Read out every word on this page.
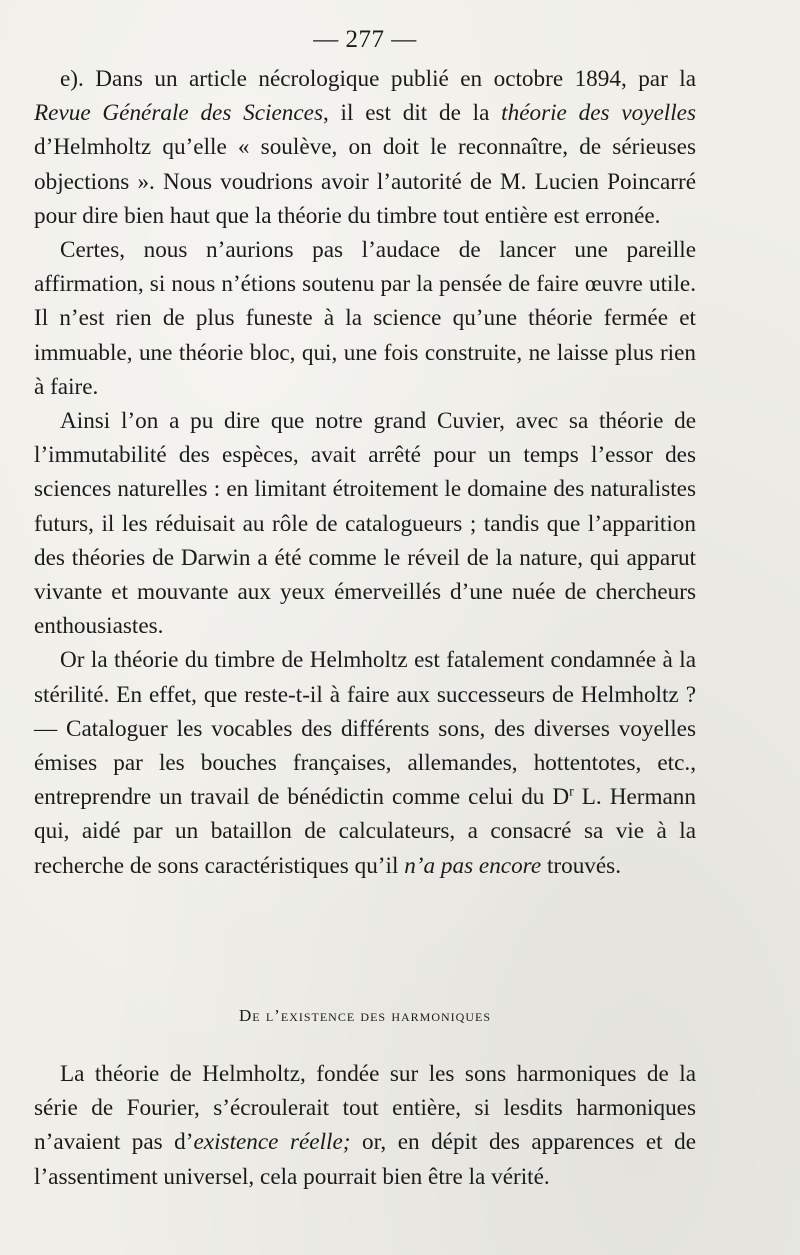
— 277 —

e). Dans un article nécrologique publié en octobre 1894, par la Revue Générale des Sciences, il est dit de la théorie des voyelles d’Helmholtz qu’elle « soulève, on doit le reconnaître, de sérieuses objections ». Nous voudrions avoir l’autorité de M. Lucien Poincarré pour dire bien haut que la théorie du timbre tout entière est erronée.

Certes, nous n’aurions pas l’audace de lancer une pareille affirmation, si nous n’étions soutenu par la pensée de faire œuvre utile. Il n’est rien de plus funeste à la science qu’une théorie fermée et immuable, une théorie bloc, qui, une fois construite, ne laisse plus rien à faire.

Ainsi l’on a pu dire que notre grand Cuvier, avec sa théorie de l’immutabilité des espèces, avait arrêté pour un temps l’essor des sciences naturelles : en limitant étroitement le domaine des naturalistes futurs, il les réduisait au rôle de catalogueurs ; tandis que l’apparition des théories de Darwin a été comme le réveil de la nature, qui apparut vivante et mouvante aux yeux émerveillés d’une nuée de chercheurs enthousiastes.

Or la théorie du timbre de Helmholtz est fatalement condamnée à la stérilité. En effet, que reste-t-il à faire aux successeurs de Helmholtz ? — Cataloguer les vocables des différents sons, des diverses voyelles émises par les bouches françaises, allemandes, hottentotes, etc., entreprendre un travail de bénédictin comme celui du $D^r$ L. Hermann qui, aidé par un bataillon de calculateurs, a consacré sa vie à la recherche de sons caractéristiques qu’il n’a pas encore trouvés.

De l’existence des harmoniques

La théorie de Helmholtz, fondée sur les sons harmoniques de la série de Fourier, s’écroulerait tout entière, si lesdits harmoniques n’avaient pas d’existence réelle; or, en dépit des apparences et de l’assentiment universel, cela pourrait bien être la vérité.
